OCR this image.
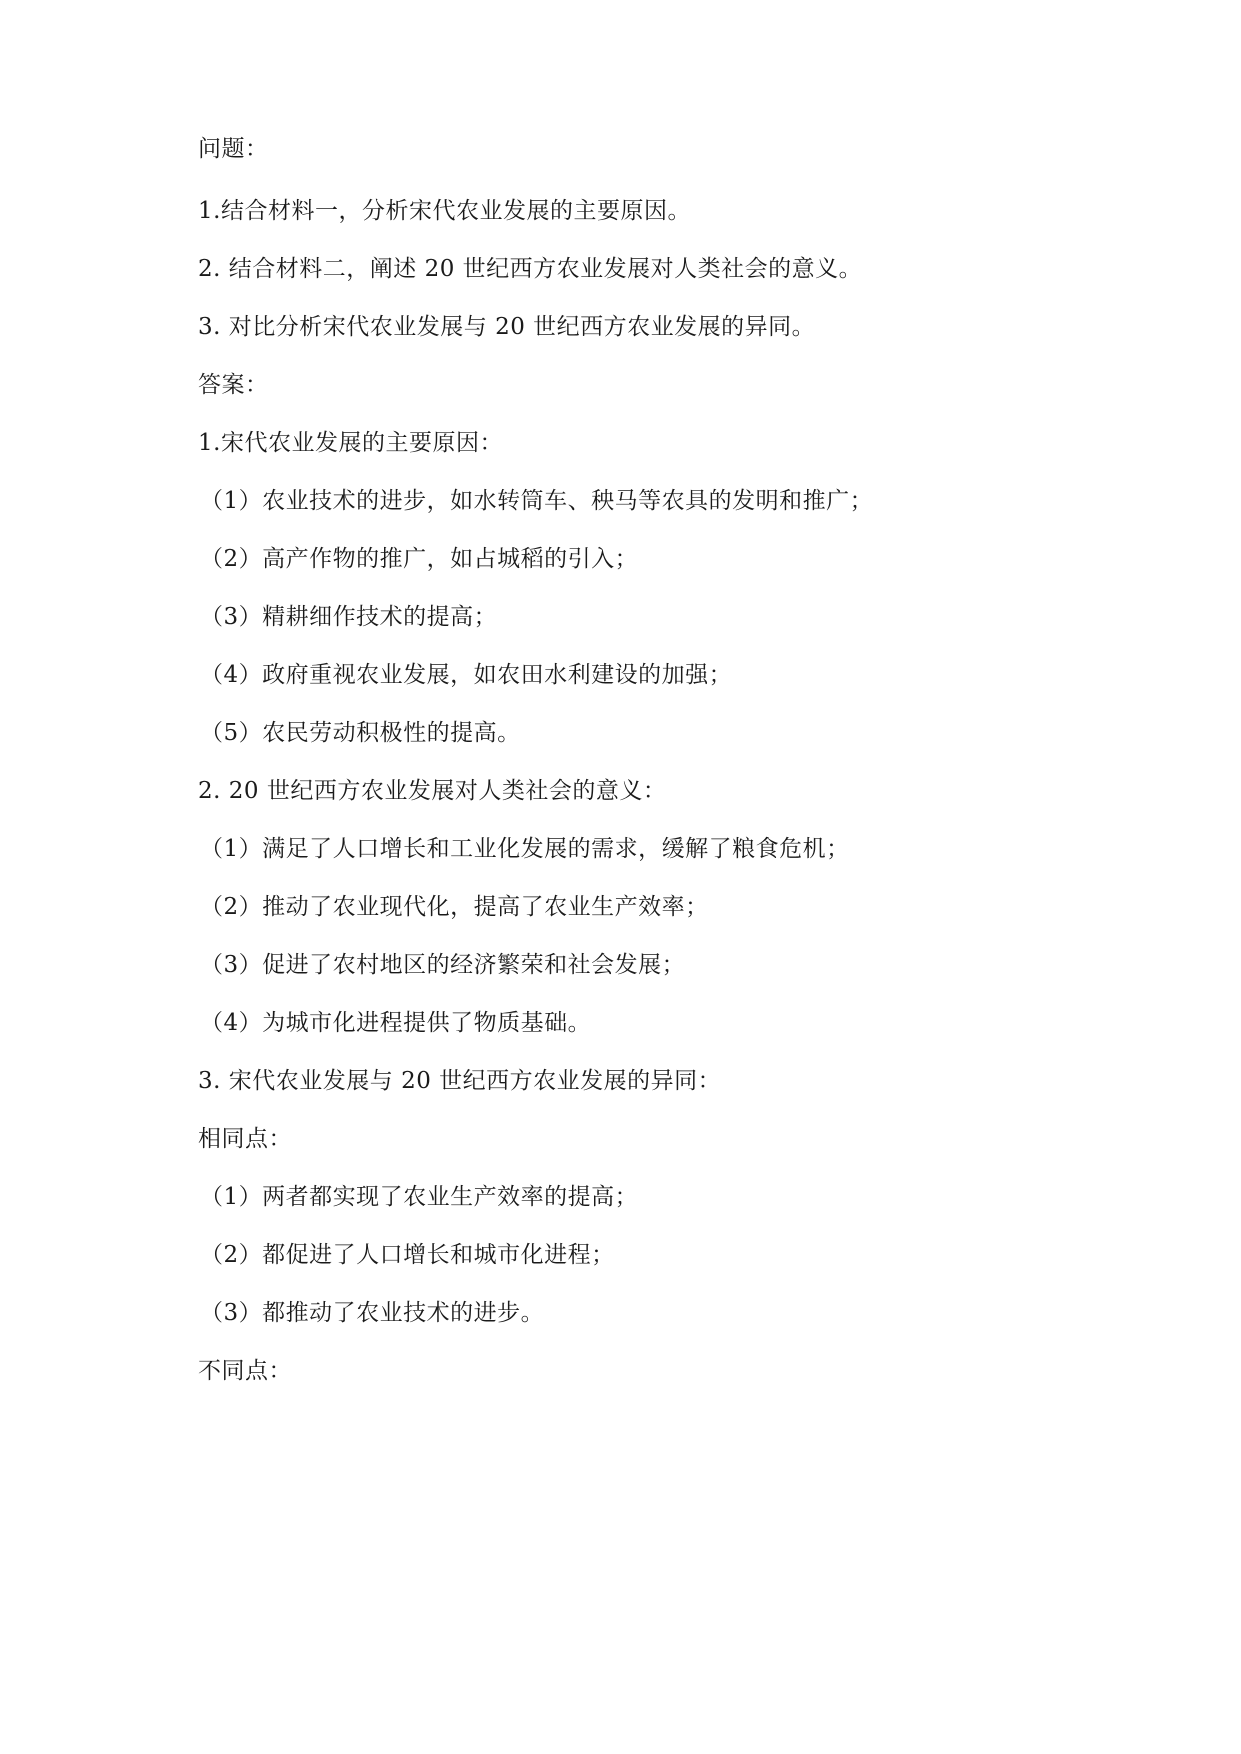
问题：
1.结合材料一，分析宋代农业发展的主要原因。
2. 结合材料二，阐述 20 世纪西方农业发展对人类社会的意义。
3. 对比分析宋代农业发展与 20 世纪西方农业发展的异同。
答案：
1.宋代农业发展的主要原因：
（1）农业技术的进步，如水转筒车、秧马等农具的发明和推广；
（2）高产作物的推广，如占城稻的引入；
（3）精耕细作技术的提高；
（4）政府重视农业发展，如农田水利建设的加强；
（5）农民劳动积极性的提高。
2. 20 世纪西方农业发展对人类社会的意义：
（1）满足了人口增长和工业化发展的需求，缓解了粮食危机；
（2）推动了农业现代化，提高了农业生产效率；
（3）促进了农村地区的经济繁荣和社会发展；
（4）为城市化进程提供了物质基础。
3. 宋代农业发展与 20 世纪西方农业发展的异同：
相同点：
（1）两者都实现了农业生产效率的提高；
（2）都促进了人口增长和城市化进程；
（3）都推动了农业技术的进步。
不同点：
